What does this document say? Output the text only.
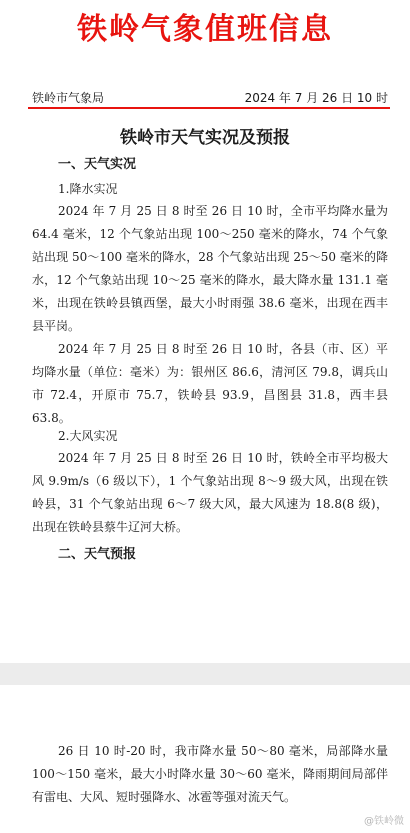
铁岭气象值班信息
铁岭市气象局	2024 年 7 月 26 日 10 时
铁岭市天气实况及预报
一、天气实况
1.降水实况

2024 年 7 月 25 日 8 时至 26 日 10 时，全市平均降水量为 64.4 毫米，12 个气象站出现 100～250 毫米的降水，74 个气象站出现 50～100 毫米的降水，28 个气象站出现 25～50 毫米的降水，12 个气象站出现 10～25 毫米的降水，最大降水量 131.1 毫米，出现在铁岭县镇西堡，最大小时雨强 38.6 毫米，出现在西丰县平岗。

2024 年 7 月 25 日 8 时至 26 日 10 时，各县（市、区）平均降水量（单位：毫米）为：银州区 86.6，清河区 79.8，调兵山市 72.4，开原市 75.7，铁岭县 93.9，昌图县 31.8，西丰县 63.8。

2.大风实况

2024 年 7 月 25 日 8 时至 26 日 10 时，铁岭全市平均极大风 9.9m/s（6 级以下），1 个气象站出现 8～9 级大风，出现在铁岭县，31 个气象站出现 6～7 级大风，最大风速为 18.8(8 级)，出现在铁岭县蔡牛辽河大桥。

二、天气预报

26 日 10 时-20 时，我市降水量 50～80 毫米，局部降水量 100～150 毫米，最大小时降水量 30～60 毫米，降雨期间局部伴有雷电、大风、短时强降水、冰雹等强对流天气。

@铁岭微
